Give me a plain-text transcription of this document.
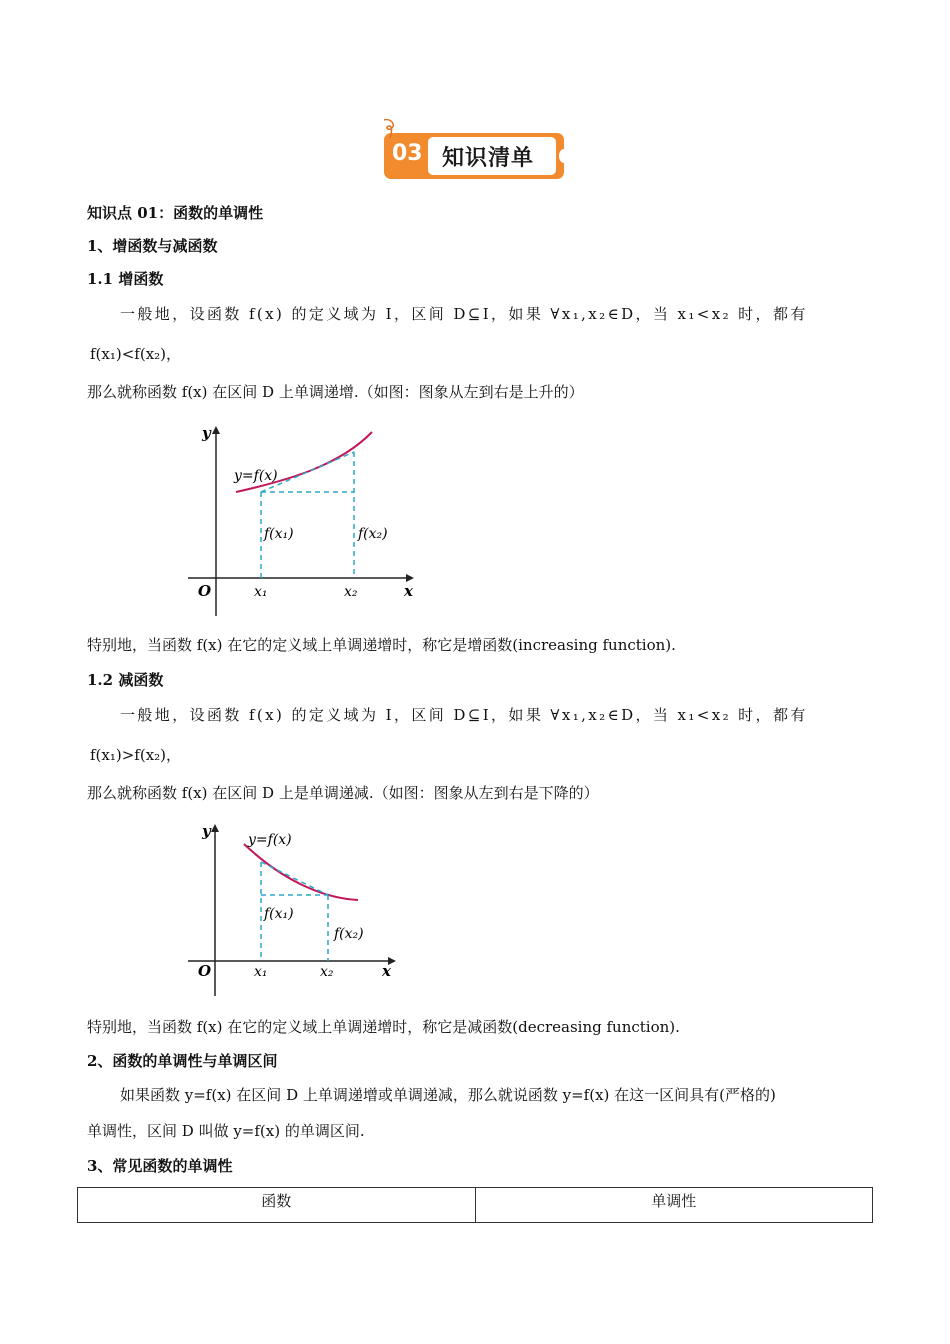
03 知识清单
知识点 01：函数的单调性
1、增函数与减函数
1.1 增函数
一般地，设函数 f(x) 的定义域为 I，区间 D⊆I，如果 ∀x₁,x₂∈D，当 x₁<x₂ 时，都有
f(x₁)<f(x₂)，
那么就称函数 f(x) 在区间 D 上单调递增.（如图：图象从左到右是上升的）
y
O	x
y=f(x)
f(x₁)	f(x₂)
x₁	x₂
特别地，当函数 f(x) 在它的定义域上单调递增时，称它是增函数(increasing function).
1.2 减函数
一般地，设函数 f(x) 的定义域为 I，区间 D⊆I，如果 ∀x₁,x₂∈D，当 x₁<x₂ 时，都有
f(x₁)>f(x₂)，
那么就称函数 f(x) 在区间 D 上是单调递减.（如图：图象从左到右是下降的）
y
O	x
y=f(x)
f(x₁)
f(x₂)
x₁	x₂
特别地，当函数 f(x) 在它的定义域上单调递增时，称它是减函数(decreasing function).
2、函数的单调性与单调区间
如果函数 y=f(x) 在区间 D 上单调递增或单调递减，那么就说函数 y=f(x) 在这一区间具有(严格的)
单调性，区间 D 叫做 y=f(x) 的单调区间.
3、常见函数的单调性
函数	单调性
